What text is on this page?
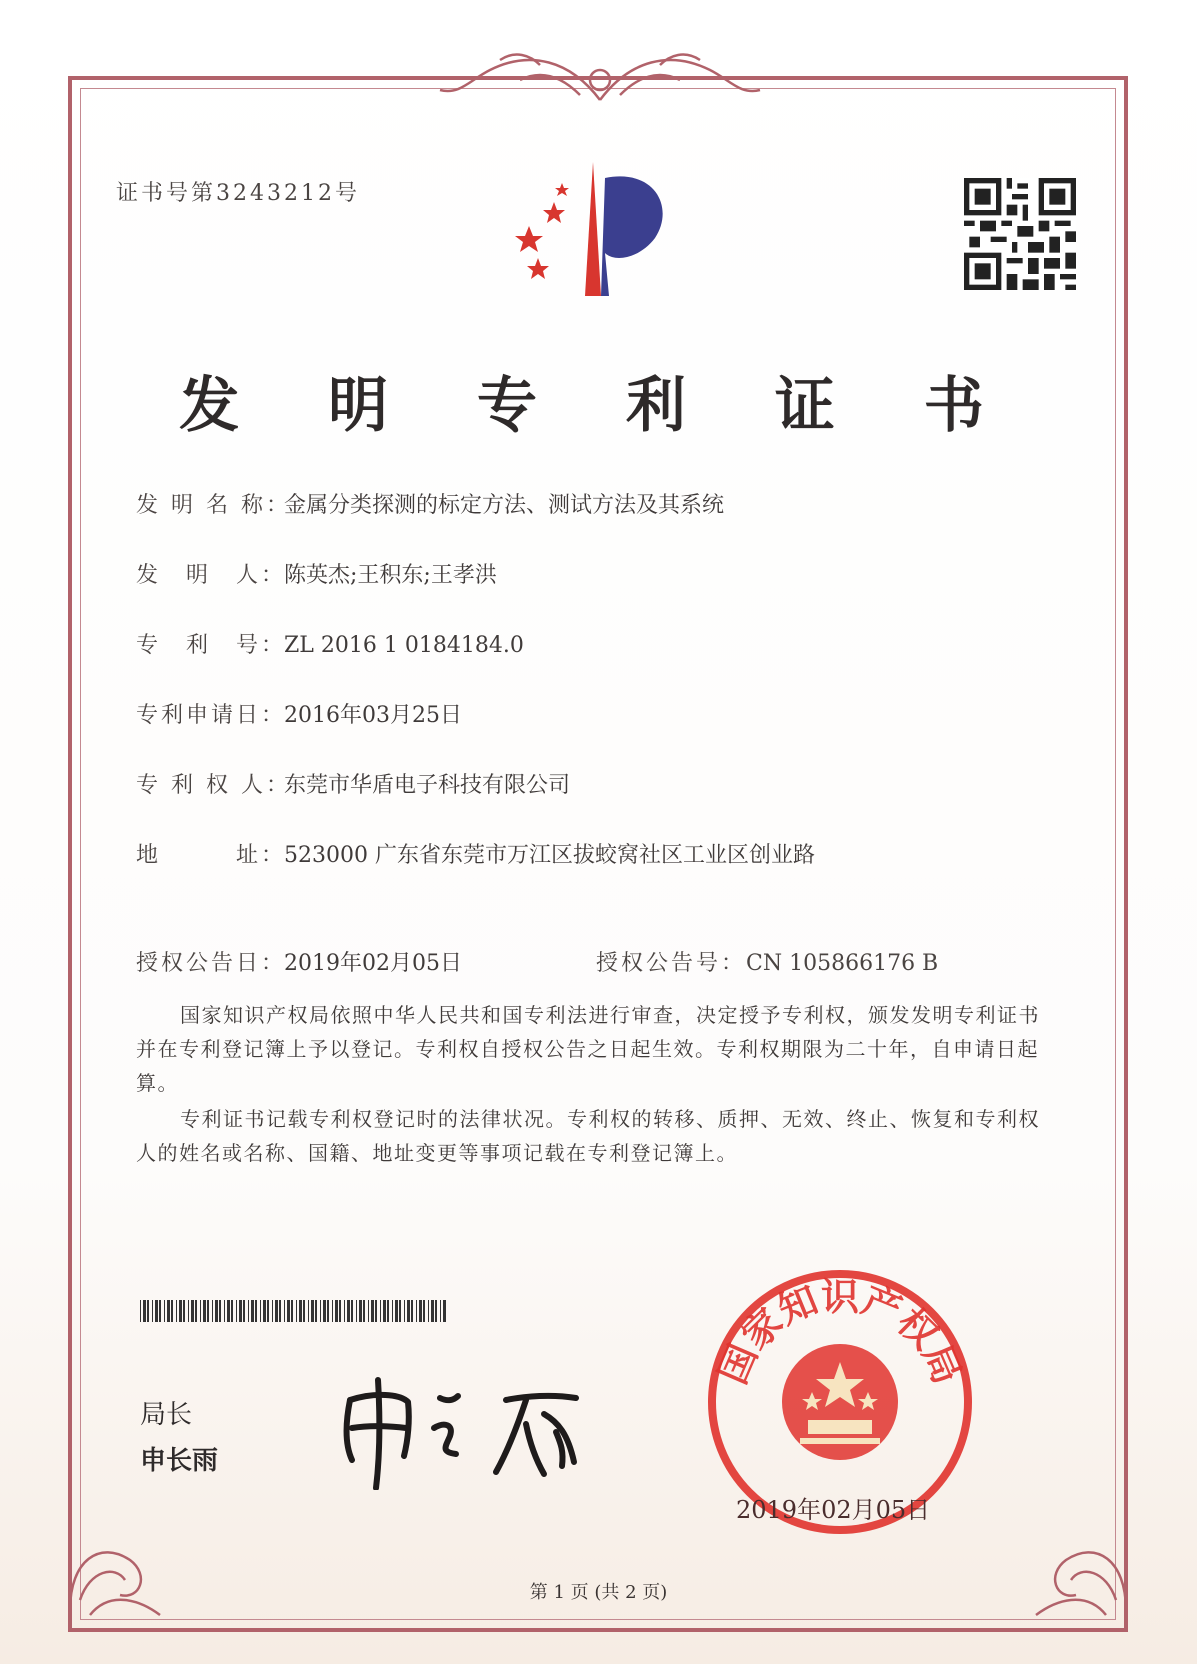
证书号第3243212号
发 明 专 利 证 书
发 明 名 称：金属分类探测的标定方法、测试方法及其系统
发　明　人：陈英杰;王积东;王孝洪
专　利　号：ZL 2016 1 0184184.0
专利申请日：2016年03月25日
专 利 权 人：东莞市华盾电子科技有限公司
地　　　址：523000 广东省东莞市万江区拔蛟窝社区工业区创业路
授权公告日：2019年02月05日	授权公告号：CN 105866176 B
国家知识产权局依照中华人民共和国专利法进行审查，决定授予专利权，颁发发明专利证书并在专利登记簿上予以登记。专利权自授权公告之日起生效。专利权期限为二十年，自申请日起算。
专利证书记载专利权登记时的法律状况。专利权的转移、质押、无效、终止、恢复和专利权人的姓名或名称、国籍、地址变更等事项记载在专利登记簿上。
局长
申长雨
国家知识产权局
2019年02月05日
第 1 页 (共 2 页)
